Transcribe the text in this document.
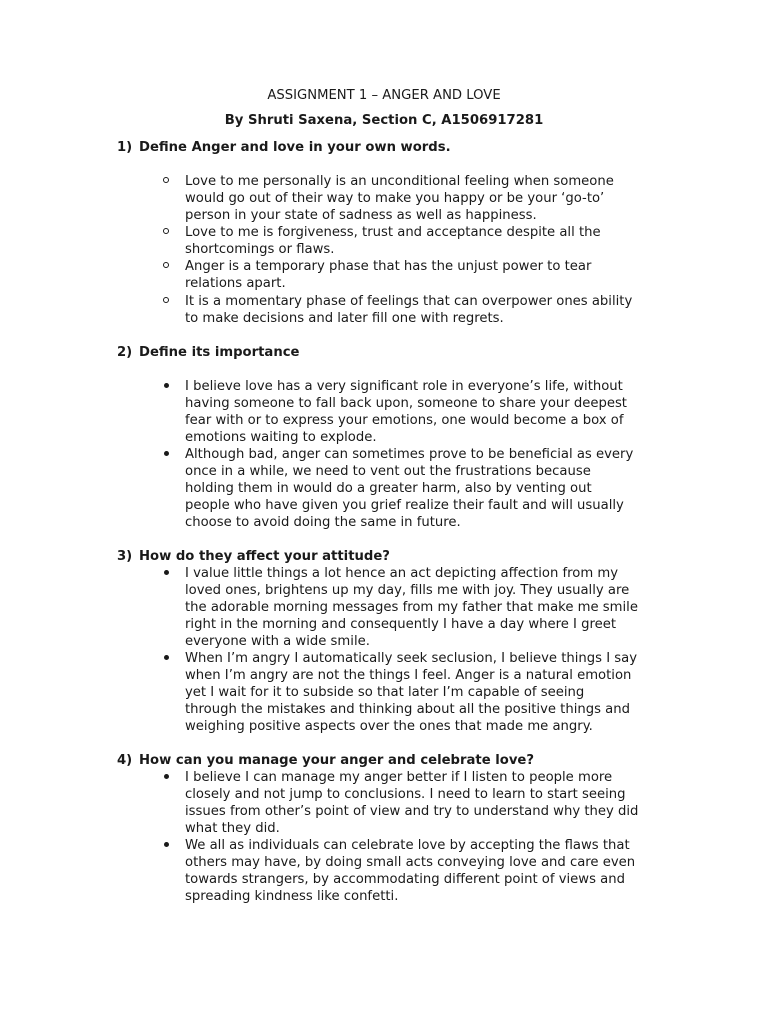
ASSIGNMENT 1 – ANGER AND LOVE
By Shruti Saxena, Section C, A1506917281
1) Define Anger and love in your own words.
Love to me personally is an unconditional feeling when someone
would go out of their way to make you happy or be your ‘go-to’
person in your state of sadness as well as happiness.
Love to me is forgiveness, trust and acceptance despite all the
shortcomings or flaws.
Anger is a temporary phase that has the unjust power to tear
relations apart.
It is a momentary phase of feelings that can overpower ones ability
to make decisions and later fill one with regrets.
2) Define its importance
I believe love has a very significant role in everyone’s life, without
having someone to fall back upon, someone to share your deepest
fear with or to express your emotions, one would become a box of
emotions waiting to explode.
Although bad, anger can sometimes prove to be beneficial as every
once in a while, we need to vent out the frustrations because
holding them in would do a greater harm, also by venting out
people who have given you grief realize their fault and will usually
choose to avoid doing the same in future.
3) How do they affect your attitude?
I value little things a lot hence an act depicting affection from my
loved ones, brightens up my day, fills me with joy. They usually are
the adorable morning messages from my father that make me smile
right in the morning and consequently I have a day where I greet
everyone with a wide smile.
When I’m angry I automatically seek seclusion, I believe things I say
when I’m angry are not the things I feel. Anger is a natural emotion
yet I wait for it to subside so that later I’m capable of seeing
through the mistakes and thinking about all the positive things and
weighing positive aspects over the ones that made me angry.
4) How can you manage your anger and celebrate love?
I believe I can manage my anger better if I listen to people more
closely and not jump to conclusions. I need to learn to start seeing
issues from other’s point of view and try to understand why they did
what they did.
We all as individuals can celebrate love by accepting the flaws that
others may have, by doing small acts conveying love and care even
towards strangers, by accommodating different point of views and
spreading kindness like confetti.
